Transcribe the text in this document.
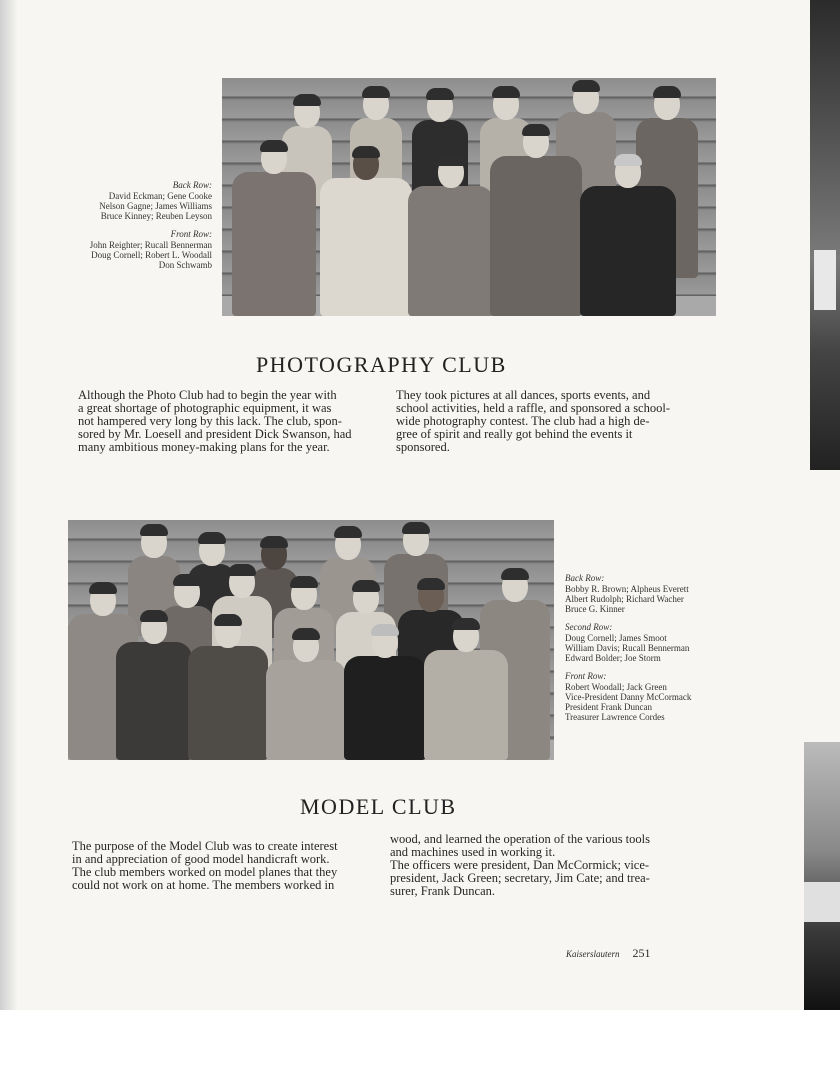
Back Row:
David Eckman; Gene Cooke
Nelson Gagne; James Williams
Bruce Kinney; Reuben Leyson
Front Row:
John Reighter; Rucall Bennerman
Doug Cornell; Robert L. Woodall
Don Schwamb
PHOTOGRAPHY CLUB
Although the Photo Club had to begin the year with
a great shortage of photographic equipment, it was
not hampered very long by this lack. The club, spon-
sored by Mr. Loesell and president Dick Swanson, had
many ambitious money-making plans for the year.
They took pictures at all dances, sports events, and
school activities, held a raffle, and sponsored a school-
wide photography contest. The club had a high de-
gree of spirit and really got behind the events it
sponsored.
Back Row:
Bobby R. Brown; Alpheus Everett
Albert Rudolph; Richard Wacher
Bruce G. Kinner
Second Row:
Doug Cornell; James Smoot
William Davis; Rucall Bennerman
Edward Bolder; Joe Storm
Front Row:
Robert Woodall; Jack Green
Vice-President Danny McCormack
President Frank Duncan
Treasurer Lawrence Cordes
MODEL CLUB
The purpose of the Model Club was to create interest
in and appreciation of good model handicraft work.
The club members worked on model planes that they
could not work on at home. The members worked in
wood, and learned the operation of the various tools
and machines used in working it.
The officers were president, Dan McCormick; vice-
president, Jack Green; secretary, Jim Cate; and trea-
surer, Frank Duncan.
Kaiserslautern 251
